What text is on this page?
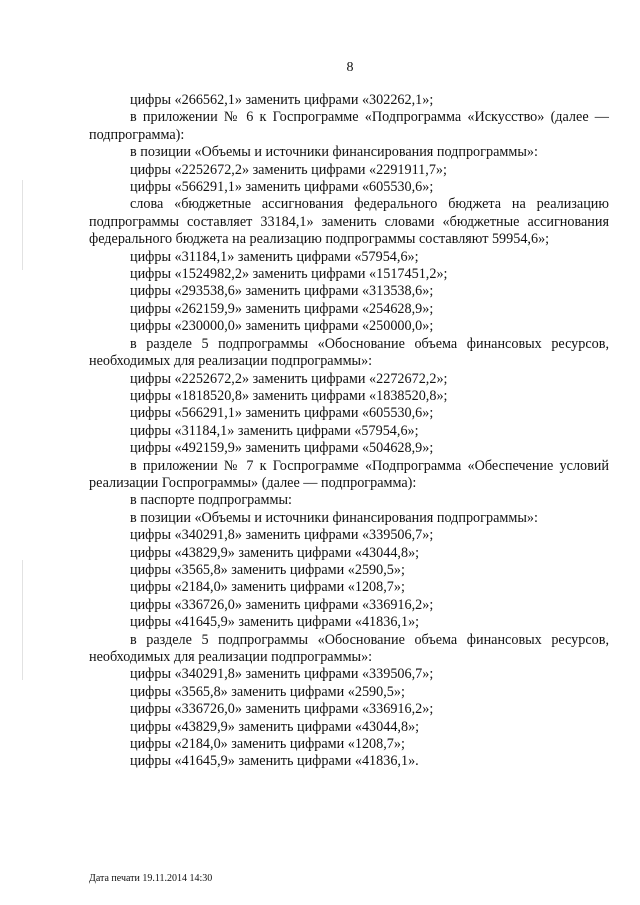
8

цифры «266562,1» заменить цифрами «302262,1»;

в приложении № 6 к Госпрограмме «Подпрограмма «Искусство» (далее — подпрограмма):

в позиции «Объемы и источники финансирования подпрограммы»:

цифры «2252672,2» заменить цифрами «2291911,7»;

цифры «566291,1» заменить цифрами «605530,6»;

слова «бюджетные ассигнования федерального бюджета на реализацию подпрограммы составляет 33184,1» заменить словами «бюджетные ассигнования федерального бюджета на реализацию подпрограммы составляют 59954,6»;

цифры «31184,1» заменить цифрами «57954,6»;

цифры «1524982,2» заменить цифрами «1517451,2»;

цифры «293538,6» заменить цифрами «313538,6»;

цифры «262159,9» заменить цифрами «254628,9»;

цифры «230000,0» заменить цифрами «250000,0»;

в разделе 5 подпрограммы «Обоснование объема финансовых ресурсов, необходимых для реализации подпрограммы»:

цифры «2252672,2» заменить цифрами «2272672,2»;

цифры «1818520,8» заменить цифрами «1838520,8»;

цифры «566291,1» заменить цифрами «605530,6»;

цифры «31184,1» заменить цифрами «57954,6»;

цифры «492159,9» заменить цифрами «504628,9»;

в приложении № 7 к Госпрограмме «Подпрограмма «Обеспечение условий реализации Госпрограммы» (далее — подпрограмма):

в паспорте подпрограммы:

в позиции «Объемы и источники финансирования подпрограммы»:

цифры «340291,8» заменить цифрами «339506,7»;

цифры «43829,9» заменить цифрами «43044,8»;

цифры «3565,8» заменить цифрами «2590,5»;

цифры «2184,0» заменить цифрами «1208,7»;

цифры «336726,0» заменить цифрами «336916,2»;

цифры «41645,9» заменить цифрами «41836,1»;

в разделе 5 подпрограммы «Обоснование объема финансовых ресурсов, необходимых для реализации подпрограммы»:

цифры «340291,8» заменить цифрами «339506,7»;

цифры «3565,8» заменить цифрами «2590,5»;

цифры «336726,0» заменить цифрами «336916,2»;

цифры «43829,9» заменить цифрами «43044,8»;

цифры «2184,0» заменить цифрами «1208,7»;

цифры «41645,9» заменить цифрами «41836,1».

Дата печати 19.11.2014 14:30
